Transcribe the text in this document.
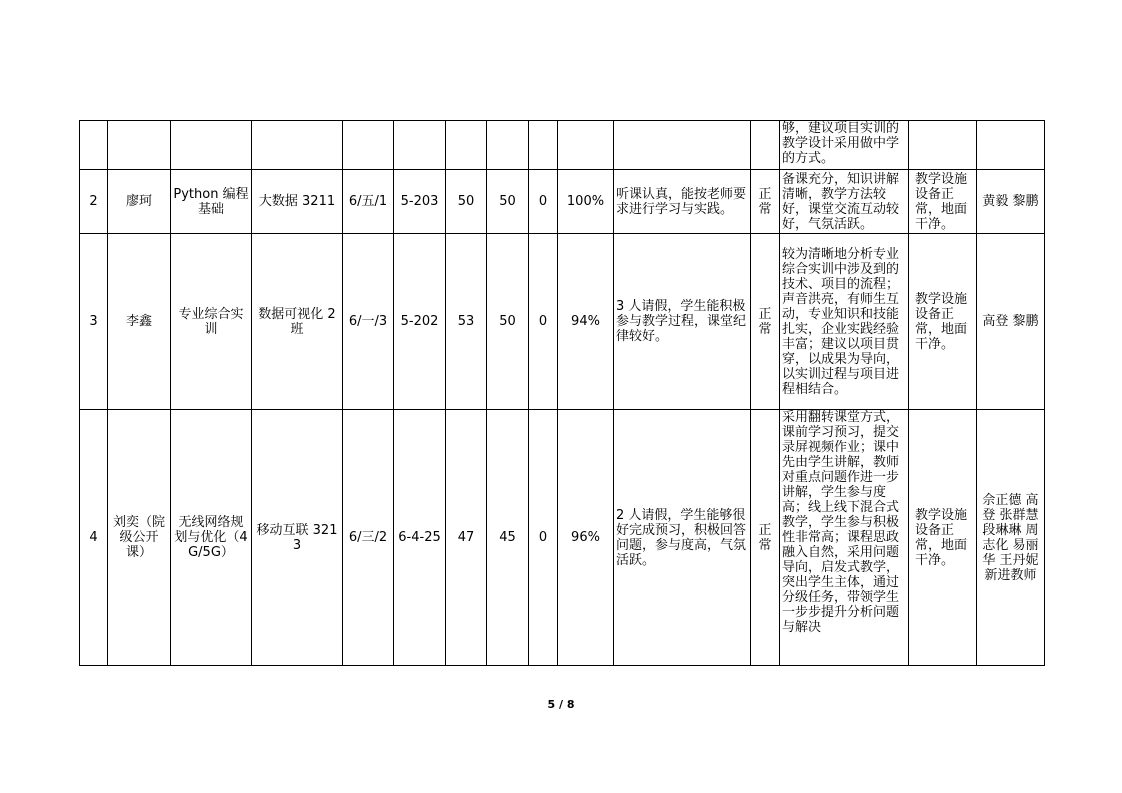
												够，建议项目实训的教学设计采用做中学的方式。		
2	廖珂	Python 编程基础	大数据 3211	6/五/1	5-203	50	50	0	100%	听课认真，能按老师要求进行学习与实践。	正常	备课充分，知识讲解清晰，教学方法较好，课堂交流互动较好，气氛活跃。	教学设施设备正常，地面干净。	黄毅 黎鹏
3	李鑫	专业综合实训	数据可视化 2 班	6/一/3	5-202	53	50	0	94%	3 人请假，学生能积极参与教学过程，课堂纪律较好。	正常	较为清晰地分析专业综合实训中涉及到的技术、项目的流程；声音洪亮，有师生互动，专业知识和技能扎实，企业实践经验丰富；建议以项目贯穿，以成果为导向，以实训过程与项目进程相结合。	教学设施设备正常，地面干净。	高登 黎鹏
4	刘奕（院级公开课）	无线网络规划与优化（4G/5G）	移动互联 3213	6/三/2	6-4-25	47	45	0	96%	2 人请假，学生能够很好完成预习，积极回答问题，参与度高，气氛活跃。	正常	采用翻转课堂方式，课前学习预习，提交录屏视频作业；课中先由学生讲解，教师对重点问题作进一步讲解，学生参与度高；线上线下混合式教学，学生参与积极性非常高；课程思政融入自然，采用问题导向，启发式教学，突出学生主体，通过分级任务，带领学生一步步提升分析问题与解决	教学设施设备正常，地面干净。	佘正德 高登 张群慧 段琳琳 周志化 易丽华 王丹妮 新进教师
5 / 8
